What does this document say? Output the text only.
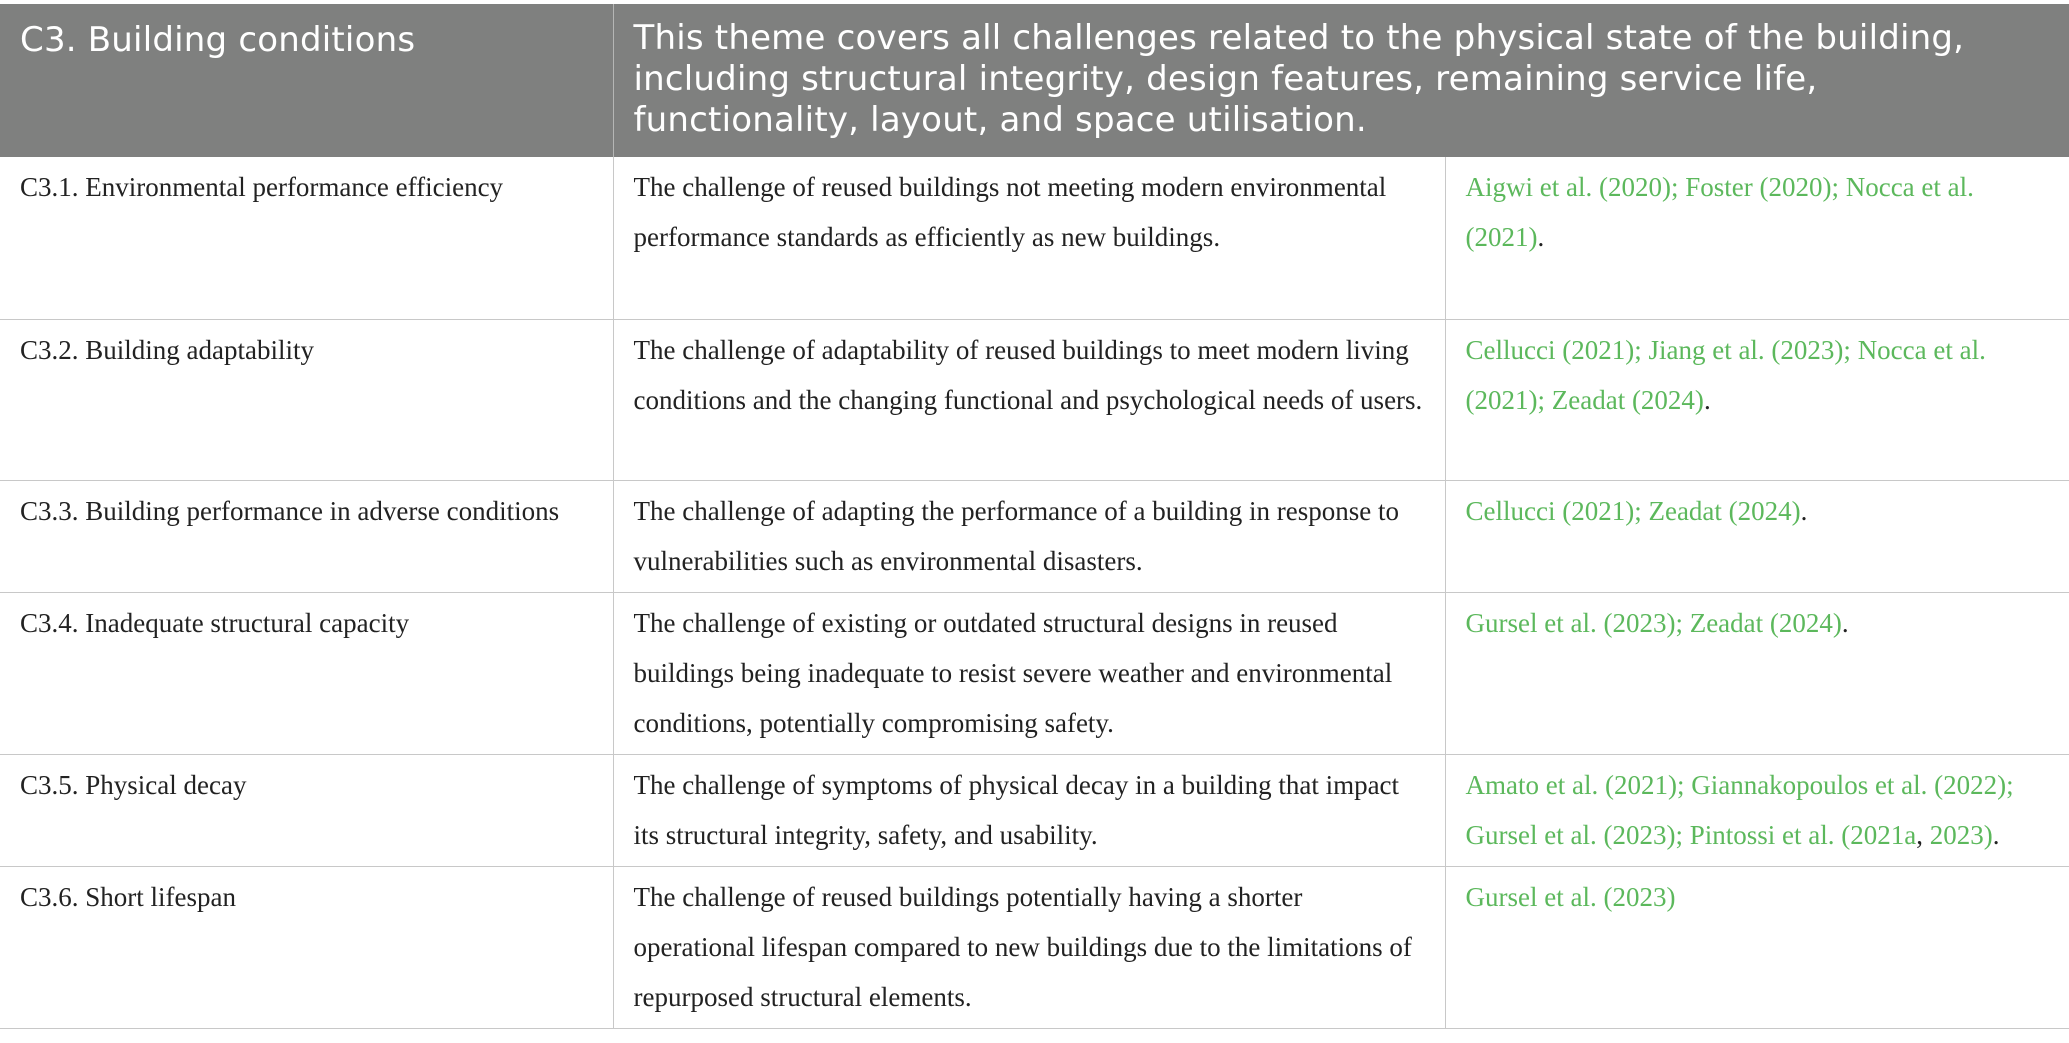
C3. Building conditions	This theme covers all challenges related to the physical state of the building, including structural integrity, design features, remaining service life, functionality, layout, and space utilisation.	
C3.1. Environmental performance efficiency	The challenge of reused buildings not meeting modern environmental performance standards as efficiently as new buildings.	Aigwi et al. (2020); Foster (2020); Nocca et al. (2021).
C3.2. Building adaptability	The challenge of adaptability of reused buildings to meet modern living conditions and the changing functional and psychological needs of users.	Cellucci (2021); Jiang et al. (2023); Nocca et al. (2021); Zeadat (2024).
C3.3. Building performance in adverse conditions	The challenge of adapting the performance of a building in response to vulnerabilities such as environmental disasters.	Cellucci (2021); Zeadat (2024).
C3.4. Inadequate structural capacity	The challenge of existing or outdated structural designs in reused buildings being inadequate to resist severe weather and environmental conditions, potentially compromising safety.	Gursel et al. (2023); Zeadat (2024).
C3.5. Physical decay	The challenge of symptoms of physical decay in a building that impact its structural integrity, safety, and usability.	Amato et al. (2021); Giannakopoulos et al. (2022); Gursel et al. (2023); Pintossi et al. (2021a, 2023).
C3.6. Short lifespan	The challenge of reused buildings potentially having a shorter operational lifespan compared to new buildings due to the limitations of repurposed structural elements.	Gursel et al. (2023)
